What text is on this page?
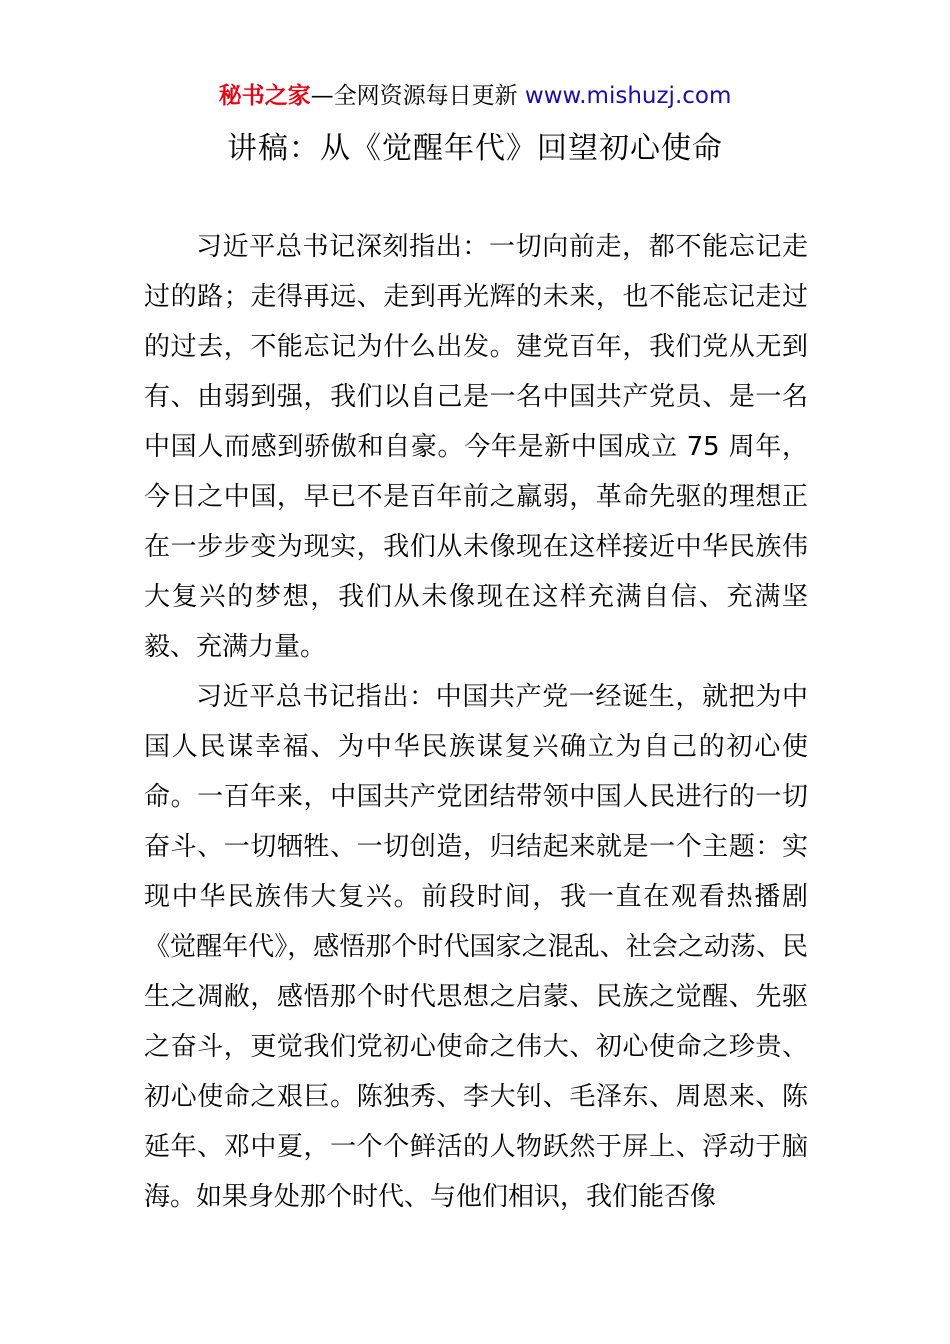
秘书之家—全网资源每日更新 www.mishuzj.com
讲稿：从《觉醒年代》回望初心使命

习近平总书记深刻指出：一切向前走，都不能忘记走过的路；走得再远、走到再光辉的未来，也不能忘记走过的过去，不能忘记为什么出发。建党百年，我们党从无到有、由弱到强，我们以自己是一名中国共产党员、是一名中国人而感到骄傲和自豪。今年是新中国成立 75 周年，今日之中国，早已不是百年前之羸弱，革命先驱的理想正在一步步变为现实，我们从未像现在这样接近中华民族伟大复兴的梦想，我们从未像现在这样充满自信、充满坚毅、充满力量。

习近平总书记指出：中国共产党一经诞生，就把为中国人民谋幸福、为中华民族谋复兴确立为自己的初心使命。一百年来，中国共产党团结带领中国人民进行的一切奋斗、一切牺牲、一切创造，归结起来就是一个主题：实现中华民族伟大复兴。前段时间，我一直在观看热播剧《觉醒年代》，感悟那个时代国家之混乱、社会之动荡、民生之凋敝，感悟那个时代思想之启蒙、民族之觉醒、先驱之奋斗，更觉我们党初心使命之伟大、初心使命之珍贵、初心使命之艰巨。陈独秀、李大钊、毛泽东、周恩来、陈延年、邓中夏，一个个鲜活的人物跃然于屏上、浮动于脑海。如果身处那个时代、与他们相识，我们能否像
